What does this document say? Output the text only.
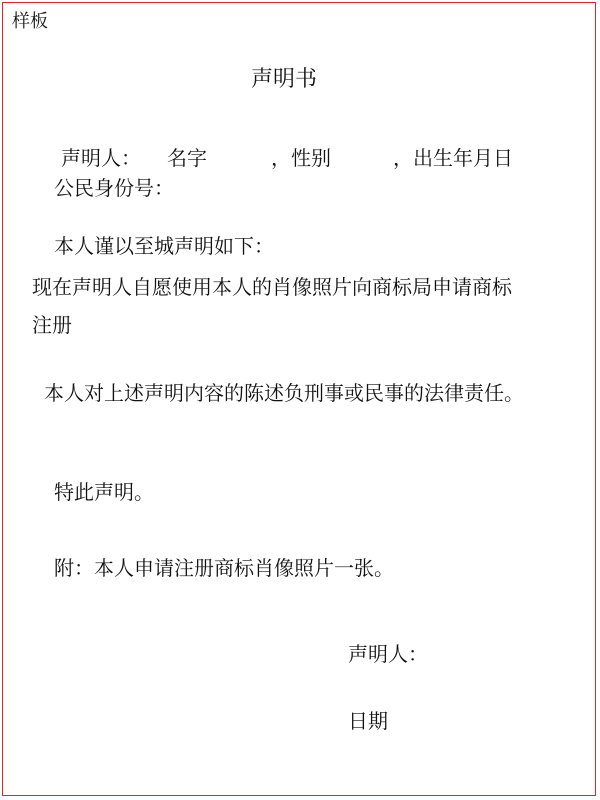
样板
声明书
声明人： 名字	，性别	，出生年月日
公民身份号：
本人谨以至城声明如下：
现在声明人自愿使用本人的肖像照片向商标局申请商标
注册
本人对上述声明内容的陈述负刑事或民事的法律责任。
特此声明。
附：本人申请注册商标肖像照片一张。
声明人：
日期
